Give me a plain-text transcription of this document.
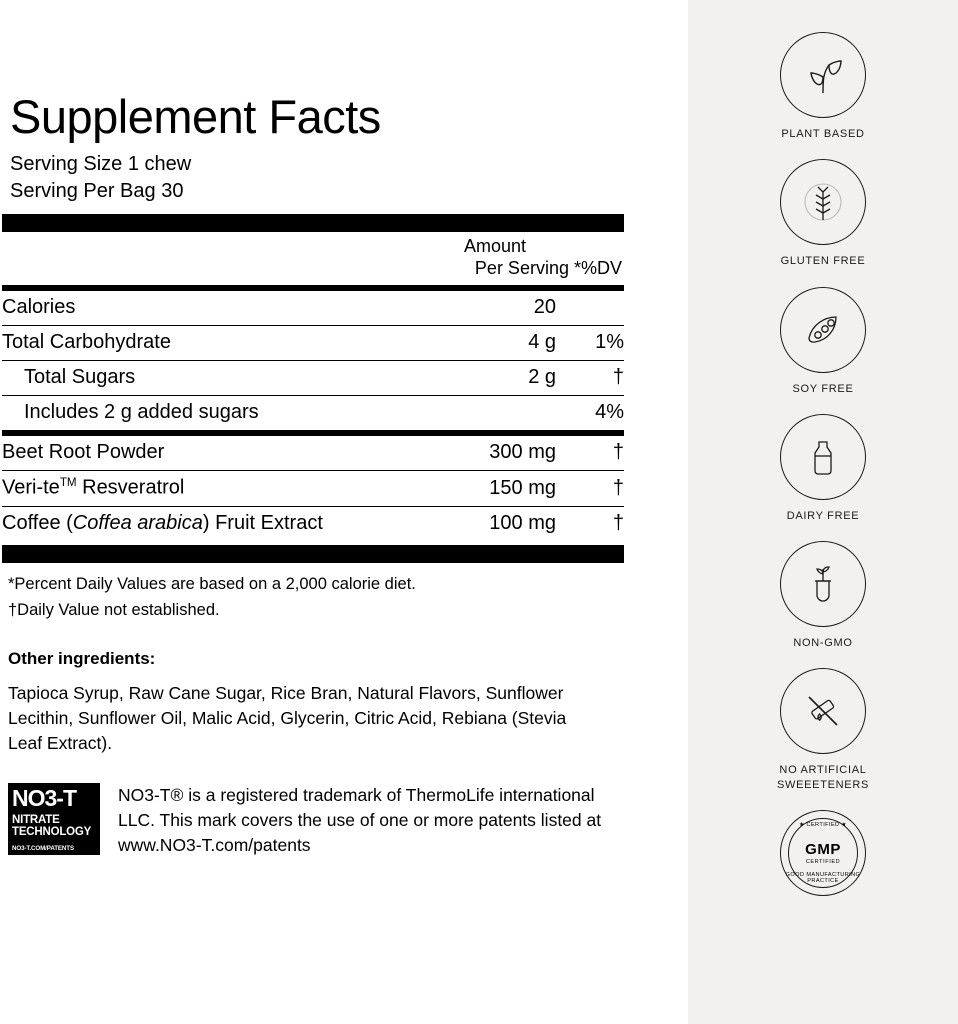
Supplement Facts
Serving Size 1 chew
Serving Per Bag 30
Amount
Per Serving *%DV
Calories	20	
Total Carbohydrate	4 g	1%
Total Sugars	2 g	†
Includes 2 g added sugars		4%
Beet Root Powder	300 mg	†
Veri-te™ Resveratrol	150 mg	†
Coffee (Coffea arabica) Fruit Extract	100 mg	†
*Percent Daily Values are based on a 2,000 calorie diet.
†Daily Value not established.
Other ingredients:
Tapioca Syrup, Raw Cane Sugar, Rice Bran, Natural Flavors, Sunflower Lecithin, Sunflower Oil, Malic Acid, Glycerin, Citric Acid, Rebiana (Stevia Leaf Extract).
NO3-T
NITRATE
TECHNOLOGY
NO3-T.COM/PATENTS
NO3-T® is a registered trademark of ThermoLife international LLC. This mark covers the use of one or more patents listed at www.NO3-T.com/patents
PLANT BASED
GLUTEN FREE
SOY FREE
DAIRY FREE
NON-GMO
NO ARTIFICIAL
SWEEETENERS
★ CERTIFIED ★
GMP
CERTIFIED
GOOD MANUFACTURING PRACTICE
